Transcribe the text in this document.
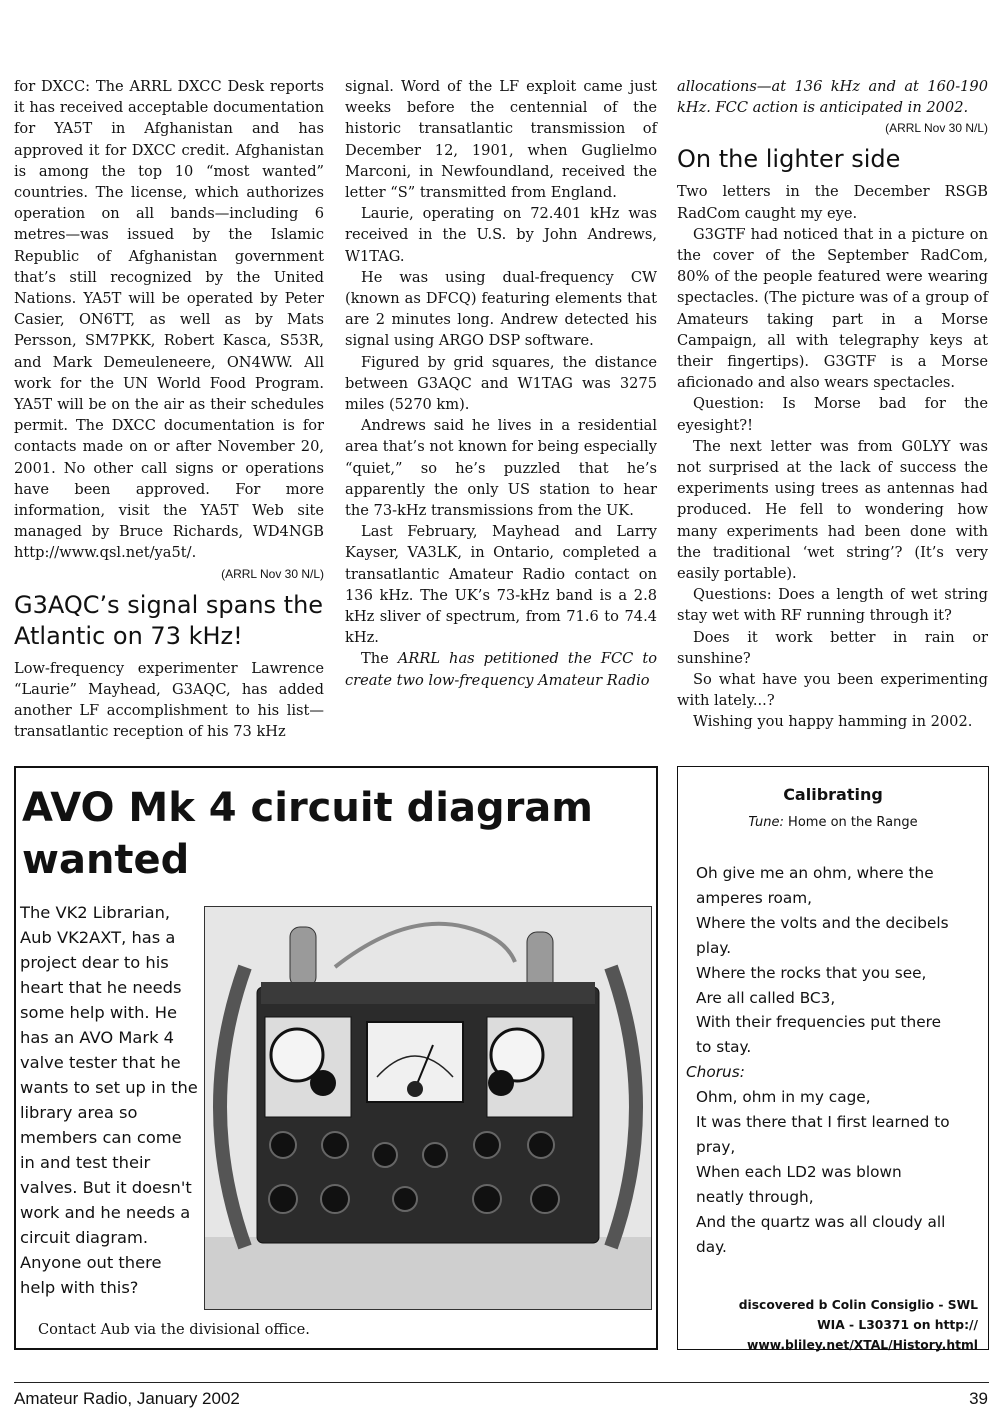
for DXCC: The ARRL DXCC Desk reports it has received acceptable documentation for YA5T in Afghanistan and has approved it for DXCC credit. Afghanistan is among the top 10 “most wanted” countries. The license, which authorizes operation on all bands—including 6 metres—was issued by the Islamic Republic of Afghanistan government that’s still recognized by the United Nations. YA5T will be operated by Peter Casier, ON6TT, as well as by Mats Persson, SM7PKK, Robert Kasca, S53R, and Mark Demeuleneere, ON4WW. All work for the UN World Food Program. YA5T will be on the air as their schedules permit. The DXCC documentation is for contacts made on or after November 20, 2001. No other call signs or operations have been approved. For more information, visit the YA5T Web site managed by Bruce Richards, WD4NGB http://www.qsl.net/ya5t/.

(ARRL Nov 30 N/L)
G3AQC’s signal spans the Atlantic on 73 kHz!

Low-frequency experimenter Lawrence “Laurie” Mayhead, G3AQC, has added another LF accomplishment to his list—transatlantic reception of his 73 kHz

signal. Word of the LF exploit came just weeks before the centennial of the historic transatlantic transmission of December 12, 1901, when Guglielmo Marconi, in Newfoundland, received the letter “S” transmitted from England.

Laurie, operating on 72.401 kHz was received in the U.S. by John Andrews, W1TAG.

He was using dual-frequency CW (known as DFCQ) featuring elements that are 2 minutes long. Andrew detected his signal using ARGO DSP software.

Figured by grid squares, the distance between G3AQC and W1TAG was 3275 miles (5270 km).

Andrews said he lives in a residential area that’s not known for being especially “quiet,” so he’s puzzled that he’s apparently the only US station to hear the 73-kHz transmissions from the UK.

Last February, Mayhead and Larry Kayser, VA3LK, in Ontario, completed a transatlantic Amateur Radio contact on 136 kHz. The UK’s 73-kHz band is a 2.8 kHz sliver of spectrum, from 71.6 to 74.4 kHz.

The ARRL has petitioned the FCC to create two low-frequency Amateur Radio

allocations—at 136 kHz and at 160-190 kHz. FCC action is anticipated in 2002.

(ARRL Nov 30 N/L)
On the lighter side

Two letters in the December RSGB RadCom caught my eye.

G3GTF had noticed that in a picture on the cover of the September RadCom, 80% of the people featured were wearing spectacles. (The picture was of a group of Amateurs taking part in a Morse Campaign, all with telegraphy keys at their fingertips). G3GTF is a Morse aficionado and also wears spectacles.

Question: Is Morse bad for the eyesight?!

The next letter was from G0LYY was not surprised at the lack of success the experiments using trees as antennas had produced. He fell to wondering how many experiments had been done with the traditional ‘wet string’? (It’s very easily portable).

Questions: Does a length of wet string stay wet with RF running through it?

Does it work better in rain or sunshine?

So what have you been experimenting with lately...?

Wishing you happy hamming in 2002.

AVO Mk 4 circuit diagram wanted

The VK2 Librarian, Aub VK2AXT, has a project dear to his heart that he needs some help with. He has an AVO Mark 4 valve tester that he wants to set up in the library area so members can come in and test their valves. But it doesn't work and he needs a circuit diagram. Anyone out there help with this?

Contact Aub via the divisional office.

Calibrating

Tune: Home on the Range

Oh give me an ohm, where the
amperes roam,
Where the volts and the decibels
play.
Where the rocks that you see,
Are all called BC3,
With their frequencies put there
to stay.
Chorus:
Ohm, ohm in my cage,
It was there that I first learned to
pray,
When each LD2 was blown
neatly through,
And the quartz was all cloudy all
day.
discovered b Colin Consiglio - SWL
WIA - L30371 on http://
www.bliley.net/XTAL/History.html
Amateur Radio, January 2002	39
